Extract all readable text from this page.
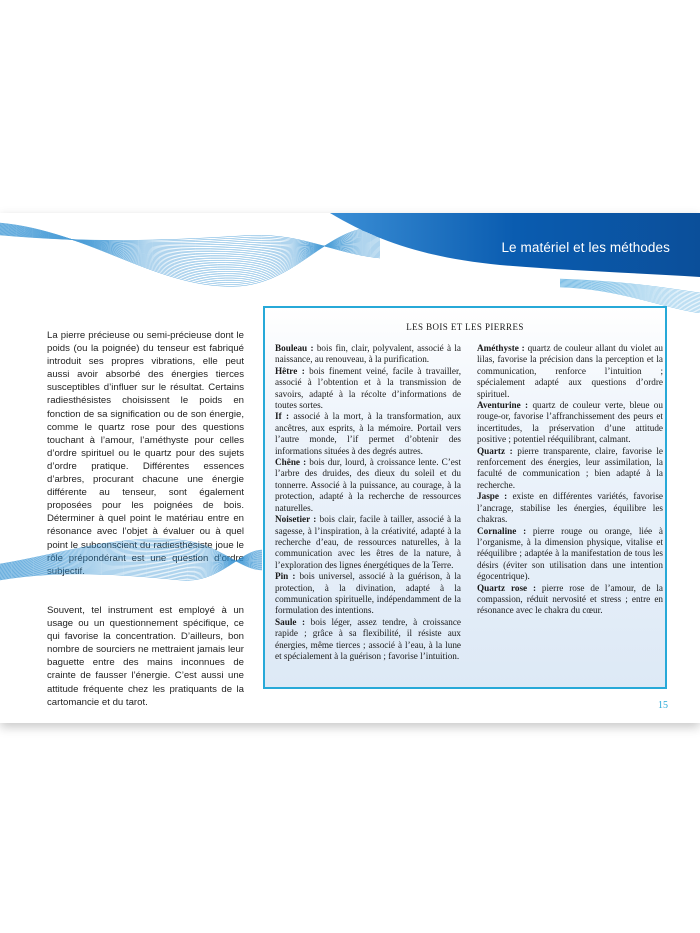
Le matériel et les méthodes

La pierre précieuse ou semi-précieuse dont le poids (ou la poignée) du tenseur est fabriqué introduit ses propres vibrations, elle peut aussi avoir absorbé des énergies tierces susceptibles d’influer sur le résultat. Certains radiesthésistes choisissent le poids en fonction de sa signification ou de son énergie, comme le quartz rose pour des questions touchant à l’amour, l’améthyste pour celles d’ordre spirituel ou le quartz pour des sujets d’ordre pratique. Différentes essences d’arbres, procurant chacune une énergie différente au tenseur, sont également proposées pour les poignées de bois. Déterminer à quel point le matériau entre en résonance avec l’objet à évaluer ou à quel point le subconscient du radiesthésiste joue le rôle prépondérant est une question d’ordre subjectif.

Souvent, tel instrument est employé à un usage ou un questionnement spécifique, ce qui favorise la concentration. D’ailleurs, bon nombre de sourciers ne mettraient jamais leur baguette entre des mains inconnues de crainte de fausser l’énergie. C’est aussi une attitude fréquente chez les pratiquants de la cartomancie et du tarot.

LES BOIS ET LES PIERRES

Bouleau : bois fin, clair, polyvalent, associé à la naissance, au renouveau, à la purification.

Hêtre : bois finement veiné, facile à travailler, associé à l’obtention et à la transmission de savoirs, adapté à la récolte d’informations de toutes sortes.

If : associé à la mort, à la transformation, aux ancêtres, aux esprits, à la mémoire. Portail vers l’autre monde, l’if permet d’obtenir des informations situées à des degrés autres.

Chêne : bois dur, lourd, à croissance lente. C’est l’arbre des druides, des dieux du soleil et du tonnerre. Associé à la puissance, au courage, à la protection, adapté à la recherche de ressources naturelles.

Noisetier : bois clair, facile à tailler, associé à la sagesse, à l’inspiration, à la créativité, adapté à la recherche d’eau, de ressources naturelles, à la communication avec les êtres de la nature, à l’exploration des lignes énergétiques de la Terre.

Pin : bois universel, associé à la guérison, à la protection, à la divination, adapté à la communication spirituelle, indépendamment de la formulation des intentions.

Saule : bois léger, assez tendre, à croissance rapide ; grâce à sa flexibilité, il résiste aux énergies, même tierces ; associé à l’eau, à la lune et spécialement à la guérison ; favorise l’intuition.

Améthyste : quartz de couleur allant du violet au lilas, favorise la précision dans la perception et la communication, renforce l’intuition ; spécialement adapté aux questions d’ordre spirituel.

Aventurine : quartz de couleur verte, bleue ou rouge-or, favorise l’affranchissement des peurs et incertitudes, la préservation d’une attitude positive ; potentiel rééquilibrant, calmant.

Quartz : pierre transparente, claire, favorise le renforcement des énergies, leur assimilation, la faculté de communication ; bien adapté à la recherche.

Jaspe : existe en différentes variétés, favorise l’ancrage, stabilise les énergies, équilibre les chakras.

Cornaline : pierre rouge ou orange, liée à l’organisme, à la dimension physique, vitalise et rééquilibre ; adaptée à la manifestation de tous les désirs (éviter son utilisation dans une intention égocentrique).

Quartz rose : pierre rose de l’amour, de la compassion, réduit nervosité et stress ; entre en résonance avec le chakra du cœur.

15
